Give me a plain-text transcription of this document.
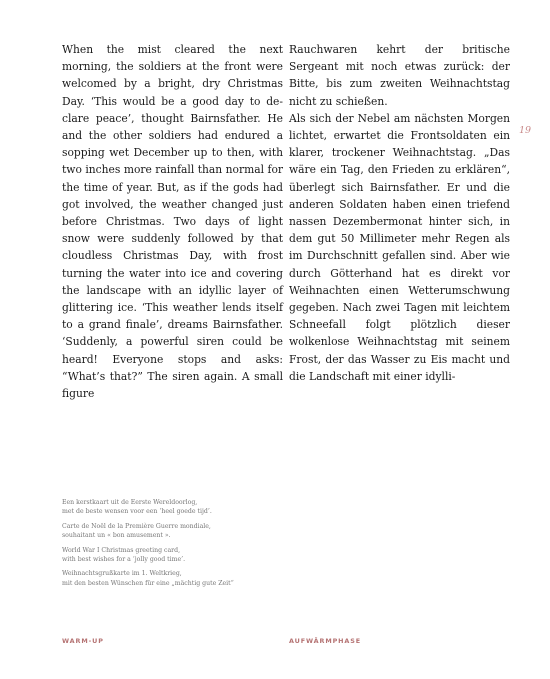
When the mist cleared the next morning, the soldiers at the front were welcomed by a bright, dry Christmas Day. ‘This would be a good day to declare peace’, thought Bairnsfather. He and the other soldiers had endured a sopping wet December up to then, with two inches more rainfall than normal for the time of year. But, as if the gods had got involved, the weather changed just before Christmas. Two days of light snow were suddenly followed by that cloudless Christmas Day, with frost turning the water into ice and covering the landscape with an idyllic layer of glittering ice. ‘This weather lends itself to a grand finale’, dreams Bairnsfather. ‘Suddenly, a powerful siren could be heard! Everyone stops and asks: “What’s that?” The siren again. A small figure

Rauchwaren kehrt der britische Sergeant mit noch etwas zurück: der Bitte, bis zum zweiten Weihnachtstag nicht zu schießen.
Als sich der Nebel am nächsten Morgen lichtet, erwartet die Frontsoldaten ein klarer, trockener Weihnachtstag. „Das wäre ein Tag, den Frieden zu erklären“, überlegt sich Bairnsfather. Er und die anderen Soldaten haben einen triefend nassen Dezembermonat hinter sich, in dem gut 50 Millimeter mehr Regen als im Durchschnitt gefallen sind. Aber wie durch Götterhand hat es direkt vor Weihnachten einen Wetterumschwung gegeben. Nach zwei Tagen mit leichtem Schneefall folgt plötzlich dieser wolkenlose Weihnachtstag mit seinem Frost, der das Wasser zu Eis macht und die Landschaft mit einer idylli-

19

Een kerstkaart uit de Eerste Wereldoorlog,
met de beste wensen voor een ‘heel goede tijd’.

Carte de Noël de la Première Guerre mondiale,
souhaitant un « bon amusement ».

World War I Christmas greeting card,
with best wishes for a ‘jolly good time’.

Weihnachtsgrußkarte im 1. Weltkrieg,
mit den besten Wünschen für eine „mächtig gute Zeit“

WARM-UP	AUFWÄRMPHASE
